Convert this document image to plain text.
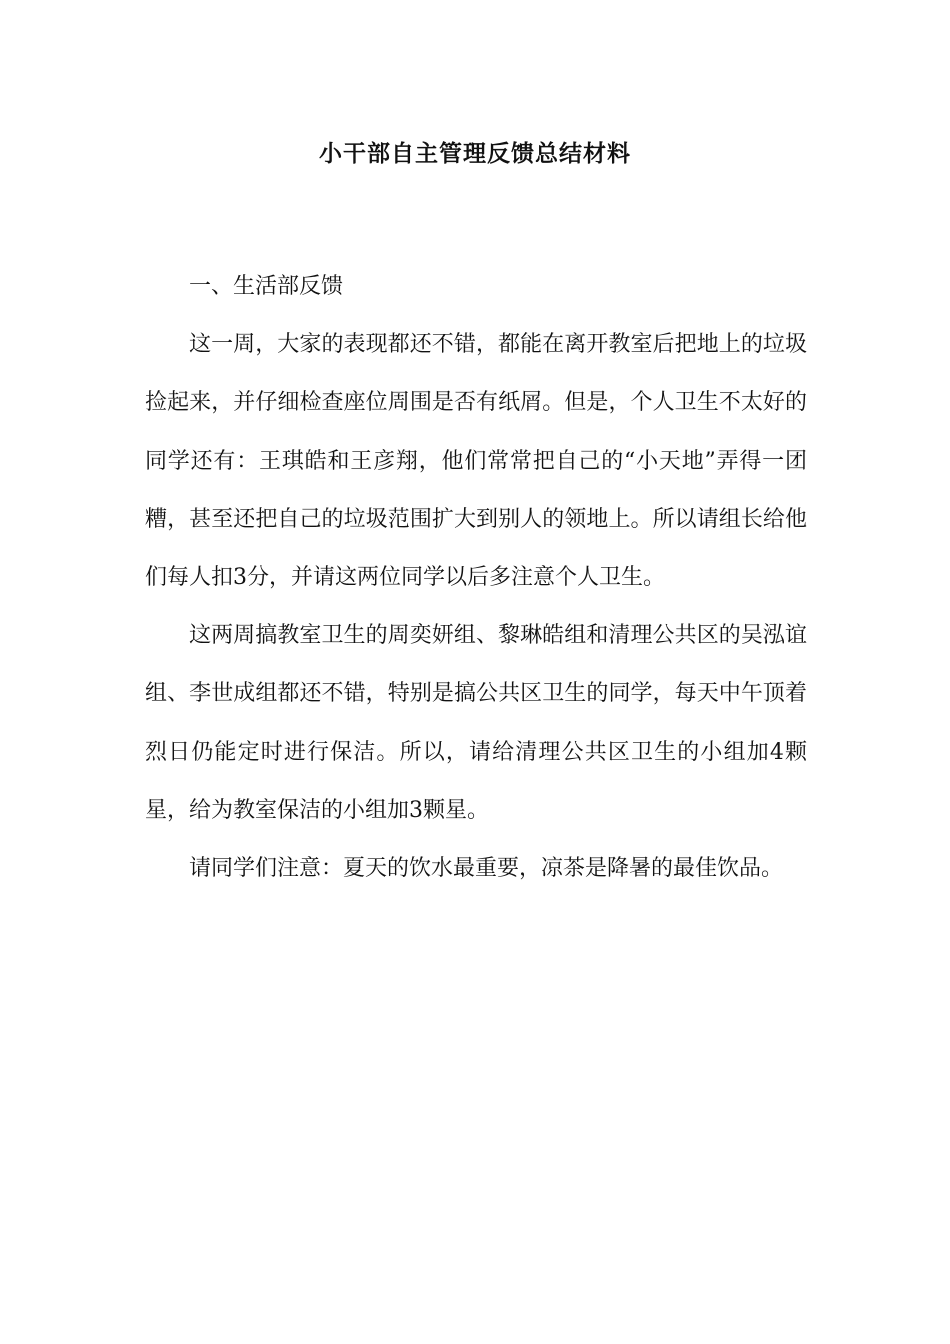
小干部自主管理反馈总结材料

一、生活部反馈

这一周，大家的表现都还不错，都能在离开教室后把地上的垃圾捡起来，并仔细检查座位周围是否有纸屑。但是，个人卫生不太好的同学还有：王琪皓和王彦翔，他们常常把自己的“小天地”弄得一团糟，甚至还把自己的垃圾范围扩大到别人的领地上。所以请组长给他们每人扣3分，并请这两位同学以后多注意个人卫生。

这两周搞教室卫生的周奕妍组、黎琳皓组和清理公共区的吴泓谊组、李世成组都还不错，特别是搞公共区卫生的同学，每天中午顶着烈日仍能定时进行保洁。所以，请给清理公共区卫生的小组加4颗星，给为教室保洁的小组加3颗星。

请同学们注意：夏天的饮水最重要，凉茶是降暑的最佳饮品。
